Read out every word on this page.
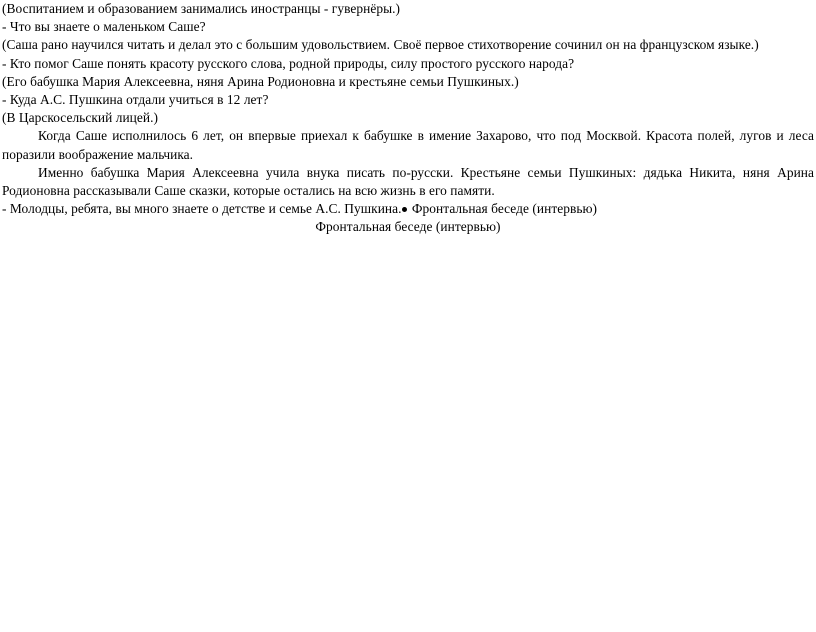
(Воспитанием и образованием занимались иностранцы - гувернёры.)

- Что вы знаете о маленьком Саше?

(Саша рано научился читать и делал это с большим удовольствием. Своё первое стихотворение сочинил он на французском языке.)

- Кто помог Саше понять красоту русского слова, родной природы, силу простого русского народа?

(Его бабушка Мария Алексеевна, няня Арина Родионовна и крестьяне семьи Пушкиных.)

- Куда А.С. Пушкина отдали учиться в 12 лет?

(В Царскосельский лицей.)

Когда Саше исполнилось 6 лет, он впервые приехал к бабушке в имение Захарово, что под Москвой. Красота полей, лугов и леса поразили воображение мальчика.

Именно бабушка Мария Алексеевна учила внука писать по-русски. Крестьяне семьи Пушкиных: дядька Никита, няня Арина Родионовна рассказывали Саше сказки, которые остались на всю жизнь в его памяти.

- Молодцы, ребята, вы много знаете о детстве и семье А.С. Пушкина. Фронтальная беседе (интервью)

Фронтальная беседе (интервью)
